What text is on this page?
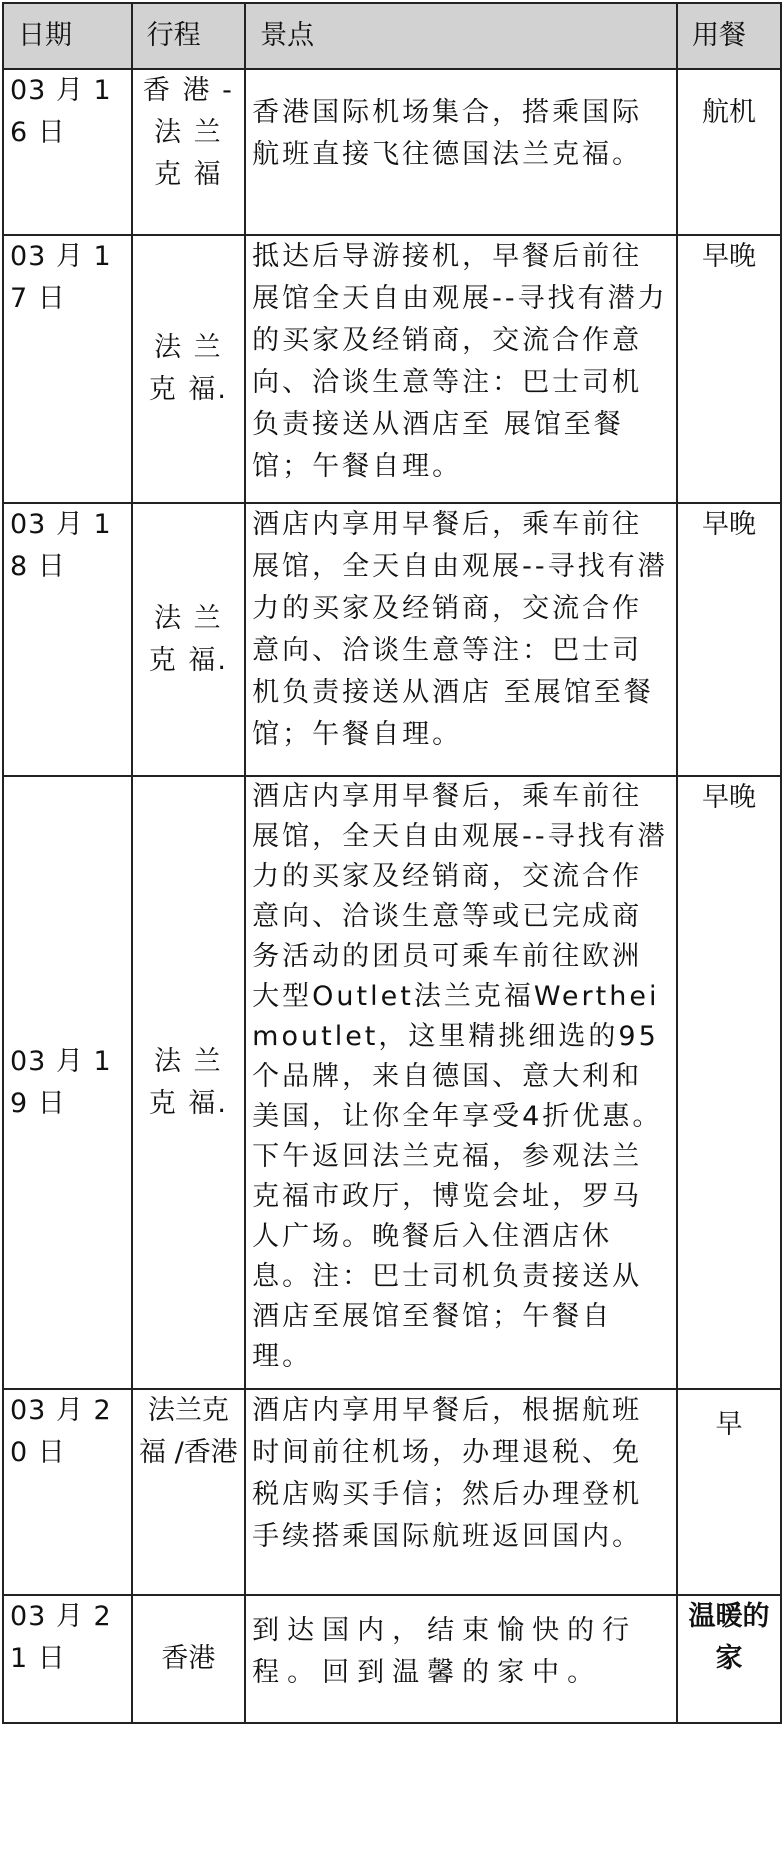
日期	行程	景点	用餐
03 月 16 日	香 港 -法 兰 克 福	香港国际机场集合，搭乘国际航班直接飞往德国法兰克福。	航机
03 月 17 日	法 兰 克 福.	抵达后导游接机，早餐后前往展馆全天自由观展--寻找有潜力的买家及经销商，交流合作意向、洽谈生意等注：巴士司机负责接送从酒店至 展馆至餐馆；午餐自理。	早晚
03 月 18 日	法 兰 克 福.	酒店内享用早餐后，乘车前往展馆，全天自由观展--寻找有潜力的买家及经销商，交流合作意向、洽谈生意等注：巴士司机负责接送从酒店 至展馆至餐馆；午餐自理。	早晚
03 月 19 日	法 兰 克 福.	酒店内享用早餐后，乘车前往展馆，全天自由观展--寻找有潜力的买家及经销商，交流合作意向、洽谈生意等或已完成商务活动的团员可乘车前往欧洲大型Outlet法兰克福Wertheimoutlet，这里精挑细选的95 个品牌，来自德国、意大利和美国，让你全年享受4折优惠。下午返回法兰克福，参观法兰克福市政厅，博览会址，罗马人广场。晚餐后入住酒店休息。注：巴士司机负责接送从酒店至展馆至餐馆；午餐自理。	早晚
03 月 20 日	法兰克福 /香港	酒店内享用早餐后，根据航班时间前往机场，办理退税、免税店购买手信；然后办理登机手续搭乘国际航班返回国内。	早
03 月 21 日	香港	到达国内，结束愉快的行程。回到温馨的家中。	温暖的家
